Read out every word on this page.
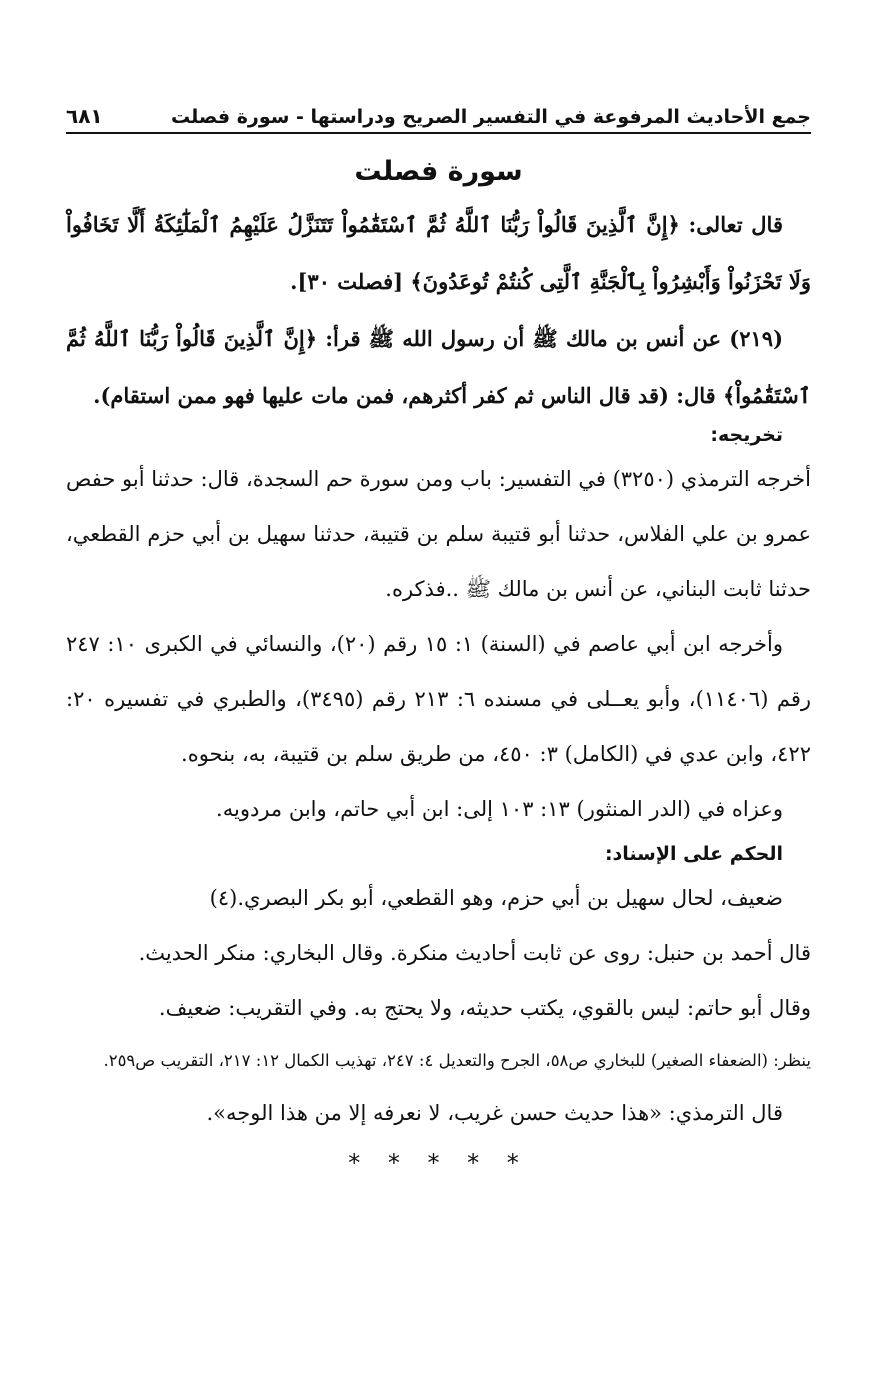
جمع الأحاديث المرفوعة في التفسير الصريح ودراستها - سورة فصلت
٦٨١
سورة فصلت

قال تعالى: ﴿إِنَّ ٱلَّذِينَ قَالُواْ رَبُّنَا ٱللَّهُ ثُمَّ ٱسْتَقَٰمُواْ تَتَنَزَّلُ عَلَيْهِمُ ٱلْمَلَٰٓئِكَةُ أَلَّا تَخَافُواْ وَلَا تَحْزَنُواْ وَأَبْشِرُواْ بِٱلْجَنَّةِ ٱلَّتِى كُنتُمْ تُوعَدُونَ﴾ [فصلت ٣٠].

(٢١٩) عن أنس بن مالك ﷺ أن رسول الله ﷺ قرأ: ﴿إِنَّ ٱلَّذِينَ قَالُواْ رَبُّنَا ٱللَّهُ ثُمَّ ٱسْتَقَٰمُواْ﴾ قال: (قد قال الناس ثم كفر أكثرهم، فمن مات عليها فهو ممن استقام).

تخريجه:

أخرجه الترمذي (٣٢٥٠) في التفسير: باب ومن سورة حم السجدة، قال: حدثنا أبو حفص عمرو بن علي الفلاس، حدثنا أبو قتيبة سلم بن قتيبة، حدثنا سهيل بن أبي حزم القطعي، حدثنا ثابت البناني، عن أنس بن مالك ﷺ ..فذكره.

وأخرجه ابن أبي عاصم في (السنة) ١: ١٥ رقم (٢٠)، والنسائي في الكبرى ١٠: ٢٤٧ رقم (١١٤٠٦)، وأبو يعــلى في مسنده ٦: ٢١٣ رقم (٣٤٩٥)، والطبري في تفسيره ٢٠: ٤٢٢، وابن عدي في (الكامل) ٣: ٤٥٠، من طريق سلم بن قتيبة، به، بنحوه.

وعزاه في (الدر المنثور) ١٣: ١٠٣ إلى: ابن أبي حاتم، وابن مردويه.

الحكم على الإسناد:

ضعيف، لحال سهيل بن أبي حزم، وهو القطعي، أبو بكر البصري.(٤)

قال أحمد بن حنبل: روى عن ثابت أحاديث منكرة. وقال البخاري: منكر الحديث.

وقال أبو حاتم: ليس بالقوي، يكتب حديثه، ولا يحتج به. وفي التقريب: ضعيف.

ينظر: (الضعفاء الصغير) للبخاري ص٥٨، الجرح والتعديل ٤: ٢٤٧، تهذيب الكمال ١٢: ٢١٧، التقريب ص٢٥٩.

قال الترمذي: «هذا حديث حسن غريب، لا نعرفه إلا من هذا الوجه».

* * * * *
